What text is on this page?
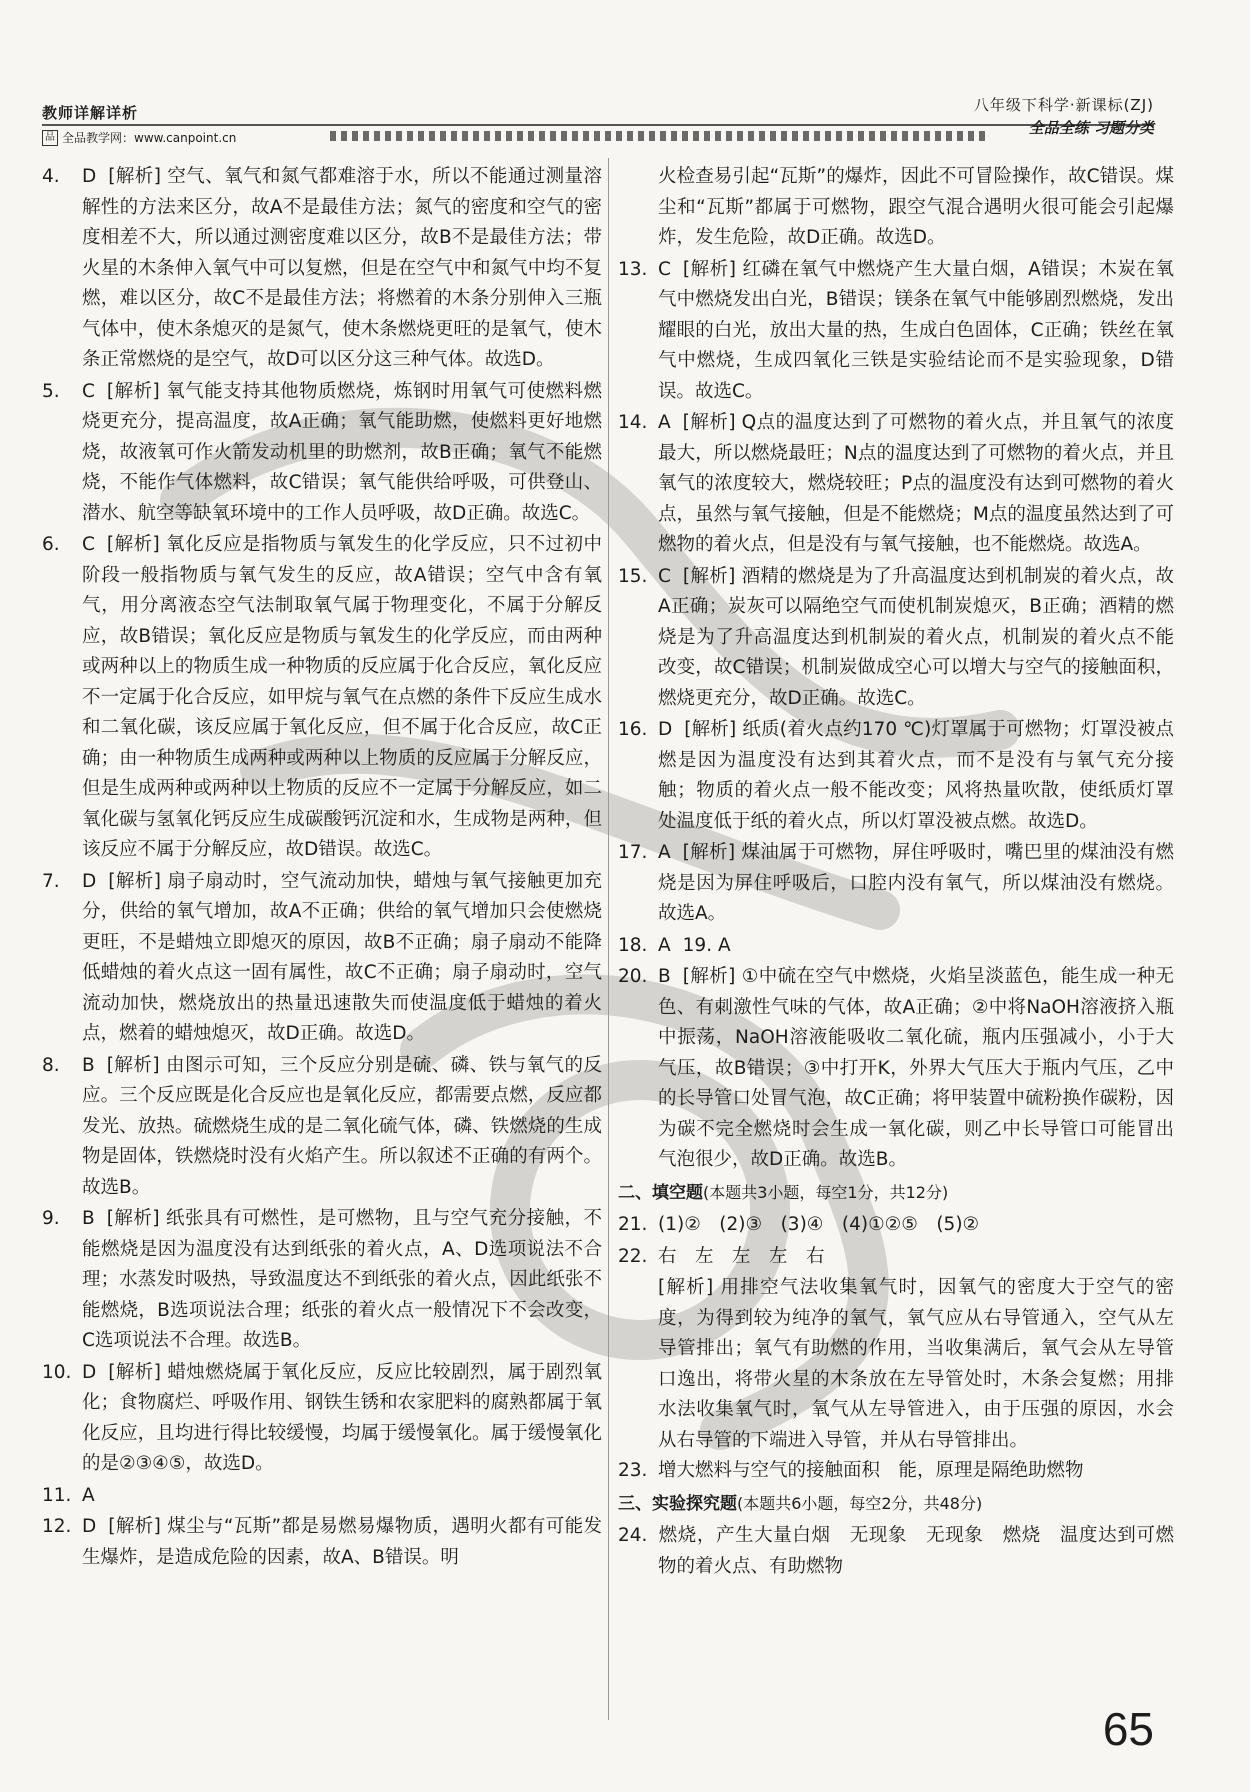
教师详解详析
品 全品教学网：www.canpoint.cn
八年级下科学·新课标(ZJ)
全品全练 习题分类
4. D [解析] 空气、氧气和氮气都难溶于水，所以不能通过测量溶解性的方法来区分，故A不是最佳方法；氮气的密度和空气的密度相差不大，所以通过测密度难以区分，故B不是最佳方法；带火星的木条伸入氧气中可以复燃，但是在空气中和氮气中均不复燃，难以区分，故C不是最佳方法；将燃着的木条分别伸入三瓶气体中，使木条熄灭的是氮气，使木条燃烧更旺的是氧气，使木条正常燃烧的是空气，故D可以区分这三种气体。故选D。
5. C [解析] 氧气能支持其他物质燃烧，炼钢时用氧气可使燃料燃烧更充分，提高温度，故A正确；氧气能助燃，使燃料更好地燃烧，故液氧可作火箭发动机里的助燃剂，故B正确；氧气不能燃烧，不能作气体燃料，故C错误；氧气能供给呼吸，可供登山、潜水、航空等缺氧环境中的工作人员呼吸，故D正确。故选C。
6. C [解析] 氧化反应是指物质与氧发生的化学反应，只不过初中阶段一般指物质与氧气发生的反应，故A错误；空气中含有氧气，用分离液态空气法制取氧气属于物理变化，不属于分解反应，故B错误；氧化反应是物质与氧发生的化学反应，而由两种或两种以上的物质生成一种物质的反应属于化合反应，氧化反应不一定属于化合反应，如甲烷与氧气在点燃的条件下反应生成水和二氧化碳，该反应属于氧化反应，但不属于化合反应，故C正确；由一种物质生成两种或两种以上物质的反应属于分解反应，但是生成两种或两种以上物质的反应不一定属于分解反应，如二氧化碳与氢氧化钙反应生成碳酸钙沉淀和水，生成物是两种，但该反应不属于分解反应，故D错误。故选C。
7. D [解析] 扇子扇动时，空气流动加快，蜡烛与氧气接触更加充分，供给的氧气增加，故A不正确；供给的氧气增加只会使燃烧更旺，不是蜡烛立即熄灭的原因，故B不正确；扇子扇动不能降低蜡烛的着火点这一固有属性，故C不正确；扇子扇动时，空气流动加快，燃烧放出的热量迅速散失而使温度低于蜡烛的着火点，燃着的蜡烛熄灭，故D正确。故选D。
8. B [解析] 由图示可知，三个反应分别是硫、磷、铁与氧气的反应。三个反应既是化合反应也是氧化反应，都需要点燃，反应都发光、放热。硫燃烧生成的是二氧化硫气体，磷、铁燃烧的生成物是固体，铁燃烧时没有火焰产生。所以叙述不正确的有两个。故选B。
9. B [解析] 纸张具有可燃性，是可燃物，且与空气充分接触，不能燃烧是因为温度没有达到纸张的着火点，A、D选项说法不合理；水蒸发时吸热，导致温度达不到纸张的着火点，因此纸张不能燃烧，B选项说法合理；纸张的着火点一般情况下不会改变，C选项说法不合理。故选B。
10. D [解析] 蜡烛燃烧属于氧化反应，反应比较剧烈，属于剧烈氧化；食物腐烂、呼吸作用、钢铁生锈和农家肥料的腐熟都属于氧化反应，且均进行得比较缓慢，均属于缓慢氧化。属于缓慢氧化的是②③④⑤，故选D。
11. A
12. D [解析] 煤尘与“瓦斯”都是易燃易爆物质，遇明火都有可能发生爆炸，是造成危险的因素，故A、B错误。明
火检查易引起“瓦斯”的爆炸，因此不可冒险操作，故C错误。煤尘和“瓦斯”都属于可燃物，跟空气混合遇明火很可能会引起爆炸，发生危险，故D正确。故选D。
13. C [解析] 红磷在氧气中燃烧产生大量白烟，A错误；木炭在氧气中燃烧发出白光，B错误；镁条在氧气中能够剧烈燃烧，发出耀眼的白光，放出大量的热，生成白色固体，C正确；铁丝在氧气中燃烧，生成四氧化三铁是实验结论而不是实验现象，D错误。故选C。
14. A [解析] Q点的温度达到了可燃物的着火点，并且氧气的浓度最大，所以燃烧最旺；N点的温度达到了可燃物的着火点，并且氧气的浓度较大，燃烧较旺；P点的温度没有达到可燃物的着火点，虽然与氧气接触，但是不能燃烧；M点的温度虽然达到了可燃物的着火点，但是没有与氧气接触，也不能燃烧。故选A。
15. C [解析] 酒精的燃烧是为了升高温度达到机制炭的着火点，故A正确；炭灰可以隔绝空气而使机制炭熄灭，B正确；酒精的燃烧是为了升高温度达到机制炭的着火点，机制炭的着火点不能改变，故C错误；机制炭做成空心可以增大与空气的接触面积，燃烧更充分，故D正确。故选C。
16. D [解析] 纸质(着火点约170 ℃)灯罩属于可燃物；灯罩没被点燃是因为温度没有达到其着火点，而不是没有与氧气充分接触；物质的着火点一般不能改变；风将热量吹散，使纸质灯罩处温度低于纸的着火点，所以灯罩没被点燃。故选D。
17. A [解析] 煤油属于可燃物，屏住呼吸时，嘴巴里的煤油没有燃烧是因为屏住呼吸后，口腔内没有氧气，所以煤油没有燃烧。故选A。
18. A 19. A
20. B [解析] ①中硫在空气中燃烧，火焰呈淡蓝色，能生成一种无色、有刺激性气味的气体，故A正确；②中将NaOH溶液挤入瓶中振荡，NaOH溶液能吸收二氧化硫，瓶内压强减小，小于大气压，故B错误；③中打开K，外界大气压大于瓶内气压，乙中的长导管口处冒气泡，故C正确；将甲装置中硫粉换作碳粉，因为碳不完全燃烧时会生成一氧化碳，则乙中长导管口可能冒出气泡很少，故D正确。故选B。
二、填空题(本题共3小题，每空1分，共12分)
21. (1)②　(2)③　(3)④　(4)①②⑤　(5)②
22. 右　左　左　左　右
[解析] 用排空气法收集氧气时，因氧气的密度大于空气的密度，为得到较为纯净的氧气，氧气应从右导管通入，空气从左导管排出；氧气有助燃的作用，当收集满后，氧气会从左导管口逸出，将带火星的木条放在左导管处时，木条会复燃；用排水法收集氧气时，氧气从左导管进入，由于压强的原因，水会从右导管的下端进入导管，并从右导管排出。
23. 增大燃料与空气的接触面积　能，原理是隔绝助燃物
三、实验探究题(本题共6小题，每空2分，共48分)
24. 燃烧，产生大量白烟　无现象　无现象　燃烧　温度达到可燃物的着火点、有助燃物
65
